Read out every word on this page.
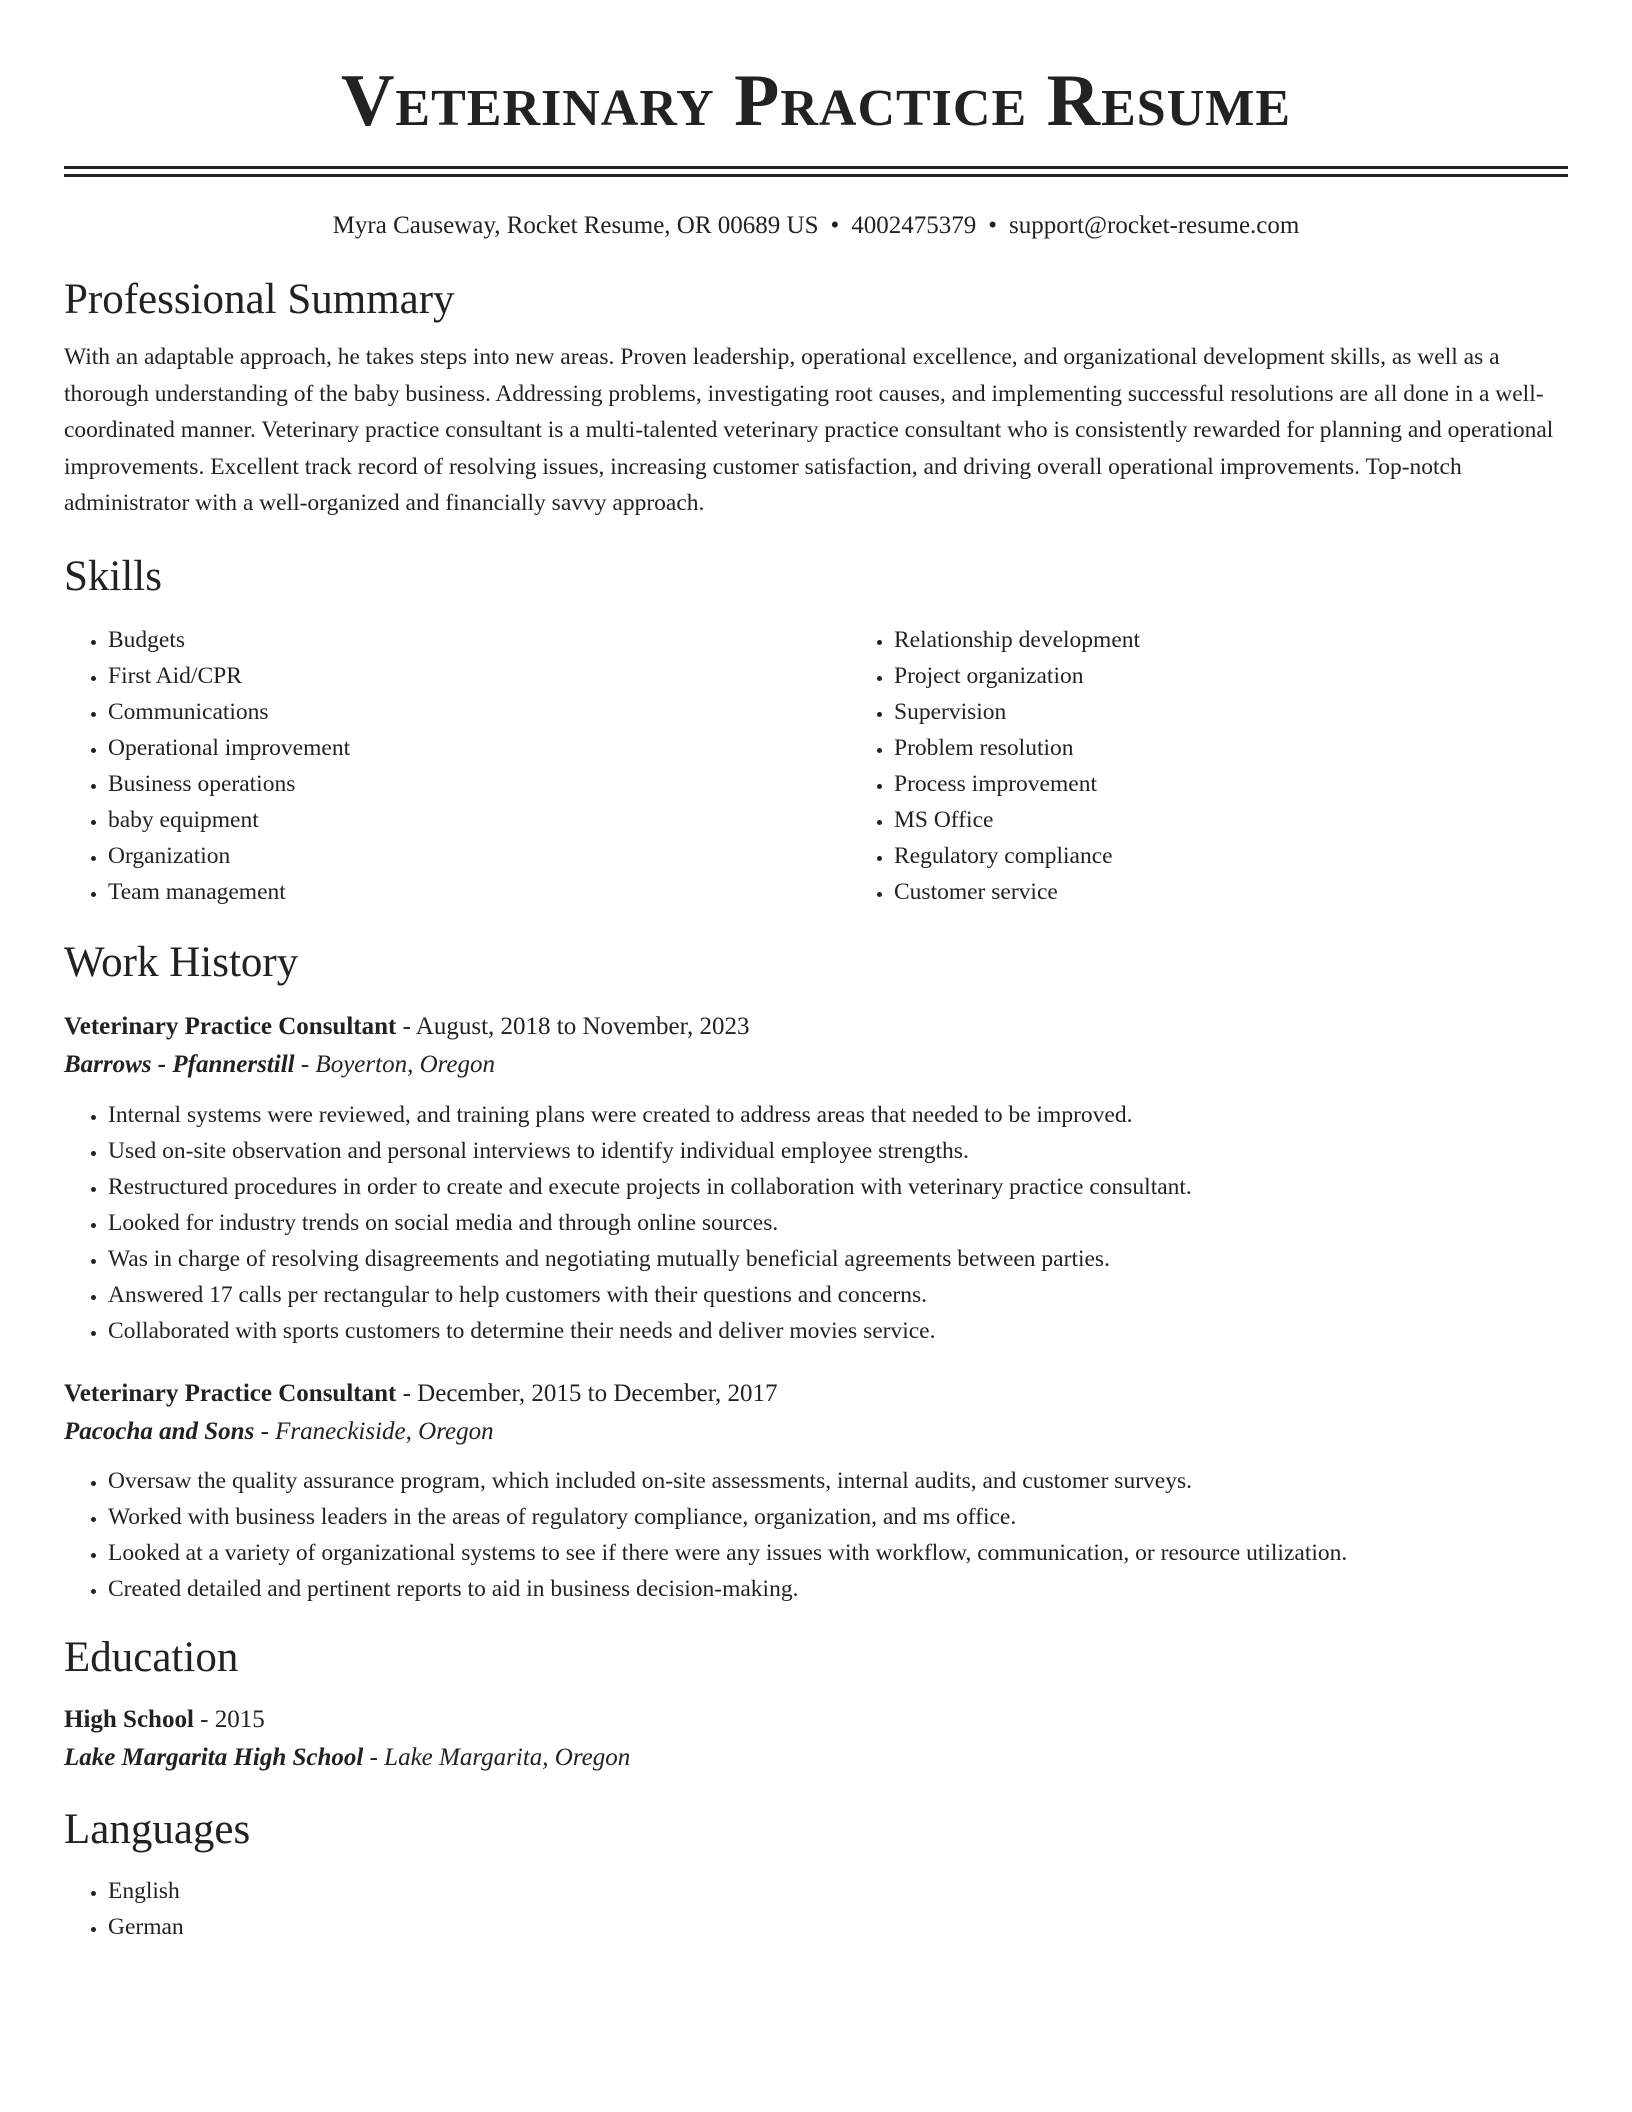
Veterinary Practice Resume
Myra Causeway, Rocket Resume, OR 00689 US • 4002475379 • support@rocket-resume.com
Professional Summary

With an adaptable approach, he takes steps into new areas. Proven leadership, operational excellence, and organizational development skills, as well as a thorough understanding of the baby business. Addressing problems, investigating root causes, and implementing successful resolutions are all done in a well-coordinated manner. Veterinary practice consultant is a multi-talented veterinary practice consultant who is consistently rewarded for planning and operational improvements. Excellent track record of resolving issues, increasing customer satisfaction, and driving overall operational improvements. Top-notch administrator with a well-organized and financially savvy approach.

Skills
• Budgets
• First Aid/CPR
• Communications
• Operational improvement
• Business operations
• baby equipment
• Organization
• Team management
• Relationship development
• Project organization
• Supervision
• Problem resolution
• Process improvement
• MS Office
• Regulatory compliance
• Customer service
Work History
Veterinary Practice Consultant - August, 2018 to November, 2023
Barrows - Pfannerstill - Boyerton, Oregon
• Internal systems were reviewed, and training plans were created to address areas that needed to be improved.
• Used on-site observation and personal interviews to identify individual employee strengths.
• Restructured procedures in order to create and execute projects in collaboration with veterinary practice consultant.
• Looked for industry trends on social media and through online sources.
• Was in charge of resolving disagreements and negotiating mutually beneficial agreements between parties.
• Answered 17 calls per rectangular to help customers with their questions and concerns.
• Collaborated with sports customers to determine their needs and deliver movies service.
Veterinary Practice Consultant - December, 2015 to December, 2017
Pacocha and Sons - Franeckiside, Oregon
• Oversaw the quality assurance program, which included on-site assessments, internal audits, and customer surveys.
• Worked with business leaders in the areas of regulatory compliance, organization, and ms office.
• Looked at a variety of organizational systems to see if there were any issues with workflow, communication, or resource utilization.
• Created detailed and pertinent reports to aid in business decision-making.
Education
High School - 2015
Lake Margarita High School - Lake Margarita, Oregon
Languages
• English
• German
